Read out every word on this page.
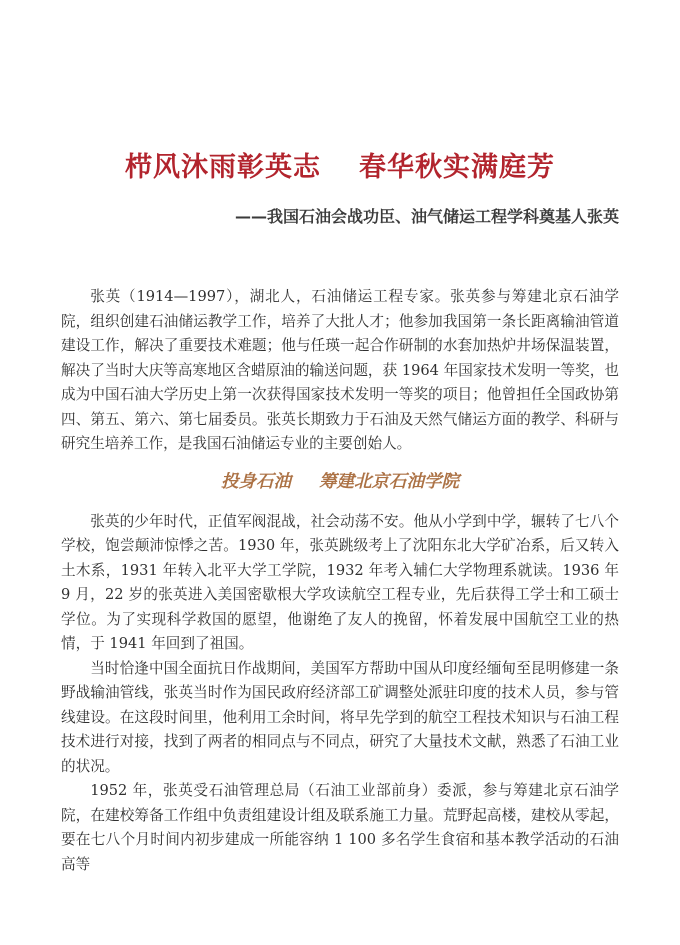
栉风沐雨彰英志 春华秋实满庭芳
——我国石油会战功臣、油气储运工程学科奠基人张英

张英（1914—1997），湖北人，石油储运工程专家。张英参与筹建北京石油学院，组织创建石油储运教学工作，培养了大批人才；他参加我国第一条长距离输油管道建设工作，解决了重要技术难题；他与任瑛一起合作研制的水套加热炉井场保温装置，解决了当时大庆等高寒地区含蜡原油的输送问题，获 1964 年国家技术发明一等奖，也成为中国石油大学历史上第一次获得国家技术发明一等奖的项目；他曾担任全国政协第四、第五、第六、第七届委员。张英长期致力于石油及天然气储运方面的教学、科研与研究生培养工作，是我国石油储运专业的主要创始人。

投身石油 筹建北京石油学院

张英的少年时代，正值军阀混战，社会动荡不安。他从小学到中学，辗转了七八个学校，饱尝颠沛惊悸之苦。1930 年，张英跳级考上了沈阳东北大学矿冶系，后又转入土木系，1931 年转入北平大学工学院，1932 年考入辅仁大学物理系就读。1936 年 9 月，22 岁的张英进入美国密歇根大学攻读航空工程专业，先后获得工学士和工硕士学位。为了实现科学救国的愿望，他谢绝了友人的挽留，怀着发展中国航空工业的热情，于 1941 年回到了祖国。

当时恰逢中国全面抗日作战期间，美国军方帮助中国从印度经缅甸至昆明修建一条野战输油管线，张英当时作为国民政府经济部工矿调整处派驻印度的技术人员，参与管线建设。在这段时间里，他利用工余时间，将早先学到的航空工程技术知识与石油工程技术进行对接，找到了两者的相同点与不同点，研究了大量技术文献，熟悉了石油工业的状况。

1952 年，张英受石油管理总局（石油工业部前身）委派，参与筹建北京石油学院，在建校筹备工作组中负责组建设计组及联系施工力量。荒野起高楼，建校从零起，要在七八个月时间内初步建成一所能容纳 1 100 多名学生食宿和基本教学活动的石油高等
